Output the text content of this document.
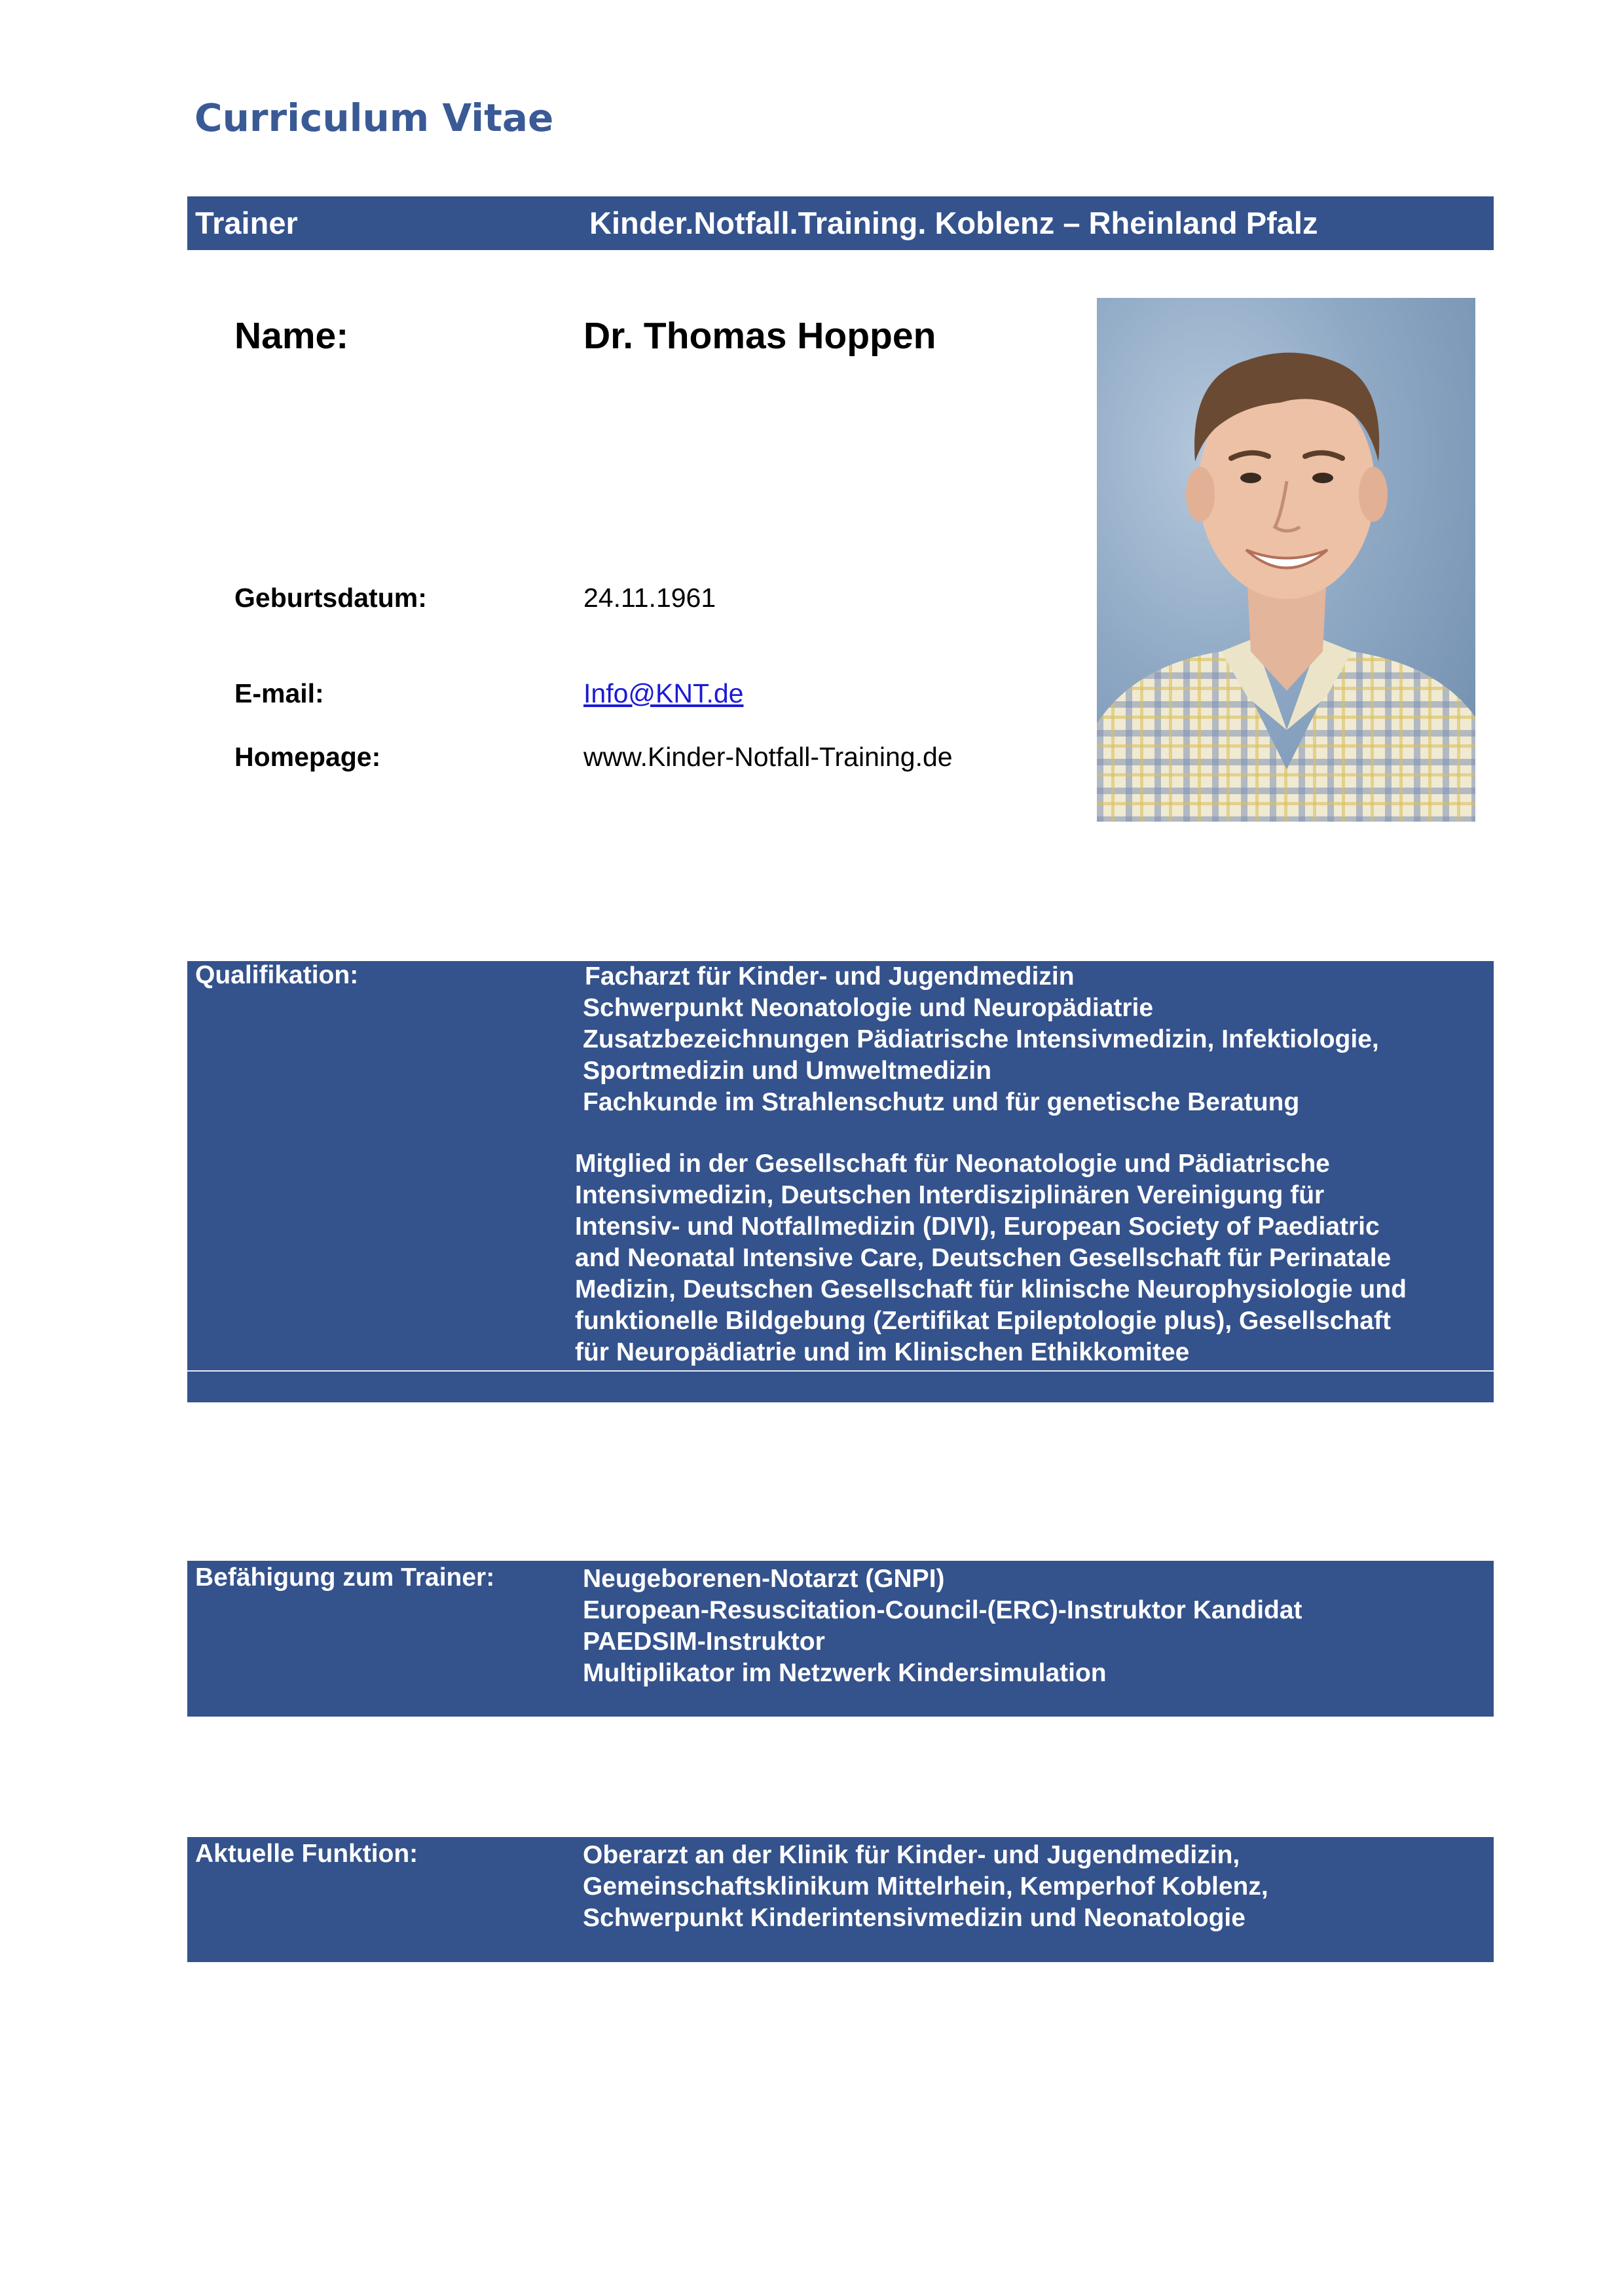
Curriculum Vitae
Trainer	Kinder.Notfall.Training. Koblenz – Rheinland Pfalz
Name:	Dr. Thomas Hoppen
Geburtsdatum:	24.11.1961
E-mail:	Info@KNT.de
Homepage:	www.Kinder-Notfall-Training.de
Qualifikation:	Facharzt für Kinder- und Jugendmedizin
Schwerpunkt Neonatologie und Neuropädiatrie
Zusatzbezeichnungen Pädiatrische Intensivmedizin, Infektiologie,
Sportmedizin und Umweltmedizin
Fachkunde im Strahlenschutz und für genetische Beratung
Mitglied in der Gesellschaft für Neonatologie und Pädiatrische
Intensivmedizin, Deutschen Interdisziplinären Vereinigung für
Intensiv- und Notfallmedizin (DIVI), European Society of Paediatric
and Neonatal Intensive Care, Deutschen Gesellschaft für Perinatale
Medizin, Deutschen Gesellschaft für klinische Neurophysiologie und
funktionelle Bildgebung (Zertifikat Epileptologie plus), Gesellschaft
für Neuropädiatrie und im Klinischen Ethikkomitee
Befähigung zum Trainer:	Neugeborenen-Notarzt (GNPI)
European-Resuscitation-Council-(ERC)-Instruktor Kandidat
PAEDSIM-Instruktor
Multiplikator im Netzwerk Kindersimulation
Aktuelle Funktion:	Oberarzt an der Klinik für Kinder- und Jugendmedizin,
Gemeinschaftsklinikum Mittelrhein, Kemperhof Koblenz,
Schwerpunkt Kinderintensivmedizin und Neonatologie
